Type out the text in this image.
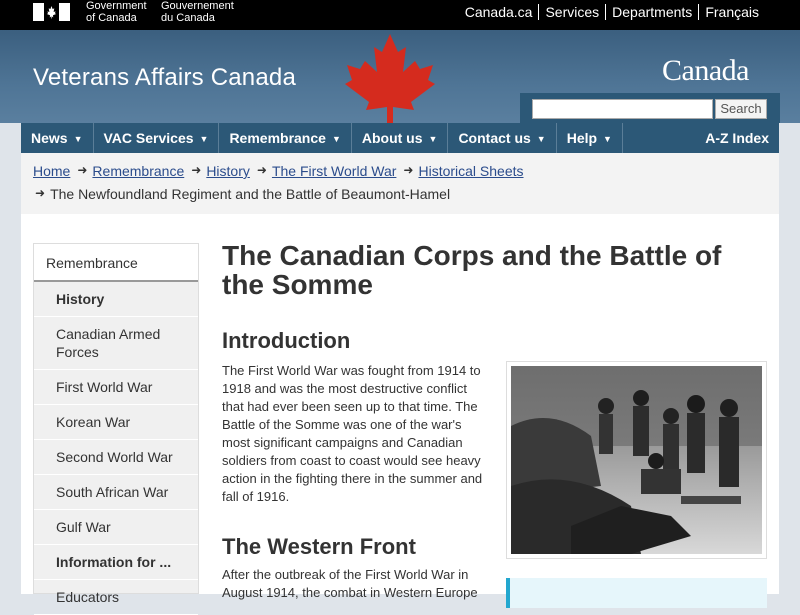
Government
of Canada
Gouvernement
du Canada	Canada.ca Services Departments Français
Veterans Affairs Canada	Canada
Search
News ▼	VAC Services ▼	Remembrance ▼	About us ▼	Contact us ▼	Help ▼	A-Z Index
Home ➜ Remembrance ➜ History ➜ The First World War ➜ Historical Sheets
➜ The Newfoundland Regiment and the Battle of Beaumont-Hamel
Remembrance
History
Canadian Armed Forces
First World War
Korean War
Second World War
South African War
Gulf War
Information for ...
Educators
The Canadian Corps and the Battle of the Somme
Introduction

The First World War was fought from 1914 to 1918 and was the most destructive conflict that had ever been seen up to that time. The Battle of the Somme was one of the war's most significant campaigns and Canadian soldiers from coast to coast would see heavy action in the fighting there in the summer and fall of 1916.

The Western Front

After the outbreak of the First World War in August 1914, the combat in Western Europe
